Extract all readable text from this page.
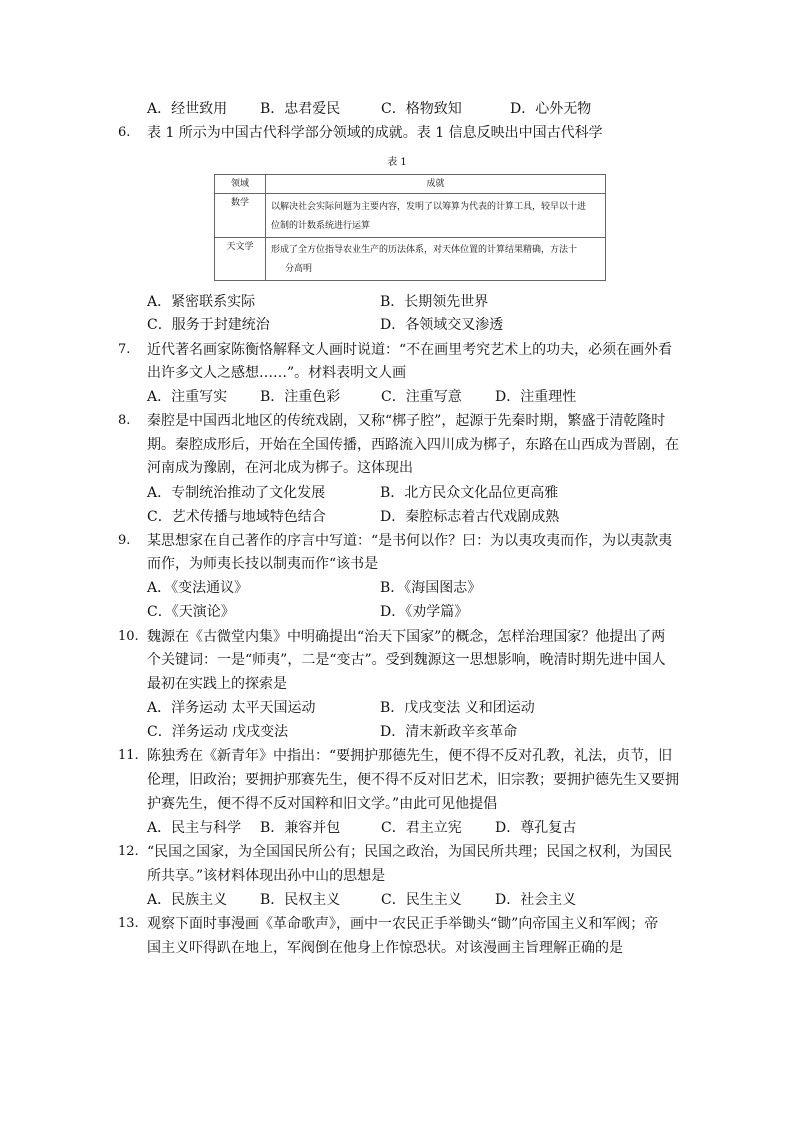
A．经世致用 B．忠君爱民	C．格物致知	D．心外无物
6. 表 1 所示为中国古代科学部分领域的成就。表 1 信息反映出中国古代科学
表 1
领域	成就
数学	以解决社会实际问题为主要内容，发明了以筹算为代表的计算工具，较早以十进
位制的计数系统进行运算

天文学	形成了全方位指导农业生产的历法体系，对天体位置的计算结果精确，方法十
分高明
A．紧密联系实际	B．长期领先世界
C．服务于封建统治	D．各领域交叉渗透
7. 近代著名画家陈衡恪解释文人画时说道：“不在画里考究艺术上的功夫，必须在画外看
出许多文人之感想……”。材料表明文人画
A．注重写实 B．注重色彩	C．注重写意 D．注重理性
8. 秦腔是中国西北地区的传统戏剧，又称“梆子腔”，起源于先秦时期，繁盛于清乾隆时
期。秦腔成形后，开始在全国传播，西路流入四川成为梆子，东路在山西成为晋剧，在
河南成为豫剧，在河北成为梆子。这体现出
A．专制统治推动了文化发展	B．北方民众文化品位更高雅
C．艺术传播与地域特色结合	D．秦腔标志着古代戏剧成熟
9. 某思想家在自己著作的序言中写道：“是书何以作？曰：为以夷攻夷而作，为以夷款夷
而作，为师夷长技以制夷而作“该书是
A．《变法通议》	B．《海国图志》
C．《天演论》	D．《劝学篇》
10. 魏源在《古微堂内集》中明确提出“治天下国家”的概念，怎样治理国家？他提出了两
个关键词：一是“师夷”，二是“变古”。受到魏源这一思想影响，晚清时期先进中国人
最初在实践上的探索是
A．洋务运动 太平天国运动	B．戊戌变法 义和团运动
C．洋务运动 戊戌变法	D．清末新政辛亥革命
11. 陈独秀在《新青年》中指出：“要拥护那德先生，便不得不反对孔教，礼法，贞节，旧
伦理，旧政治；要拥护那赛先生，便不得不反对旧艺术，旧宗教；要拥护德先生又要拥
护赛先生，便不得不反对国粹和旧文学。”由此可见他提倡
A．民主与科学 B．兼容并包	C．君主立宪 D．尊孔复古
12. “民国之国家，为全国国民所公有；民国之政治，为国民所共理；民国之权利，为国民
所共享。”该材料体现出孙中山的思想是
A．民族主义 B．民权主义	C．民生主义 D．社会主义
13. 观察下面时事漫画《革命歌声》，画中一农民正手举锄头“锄”向帝国主义和军阀；帝
国主义吓得趴在地上，军阀倒在他身上作惊恐状。对该漫画主旨理解正确的是
